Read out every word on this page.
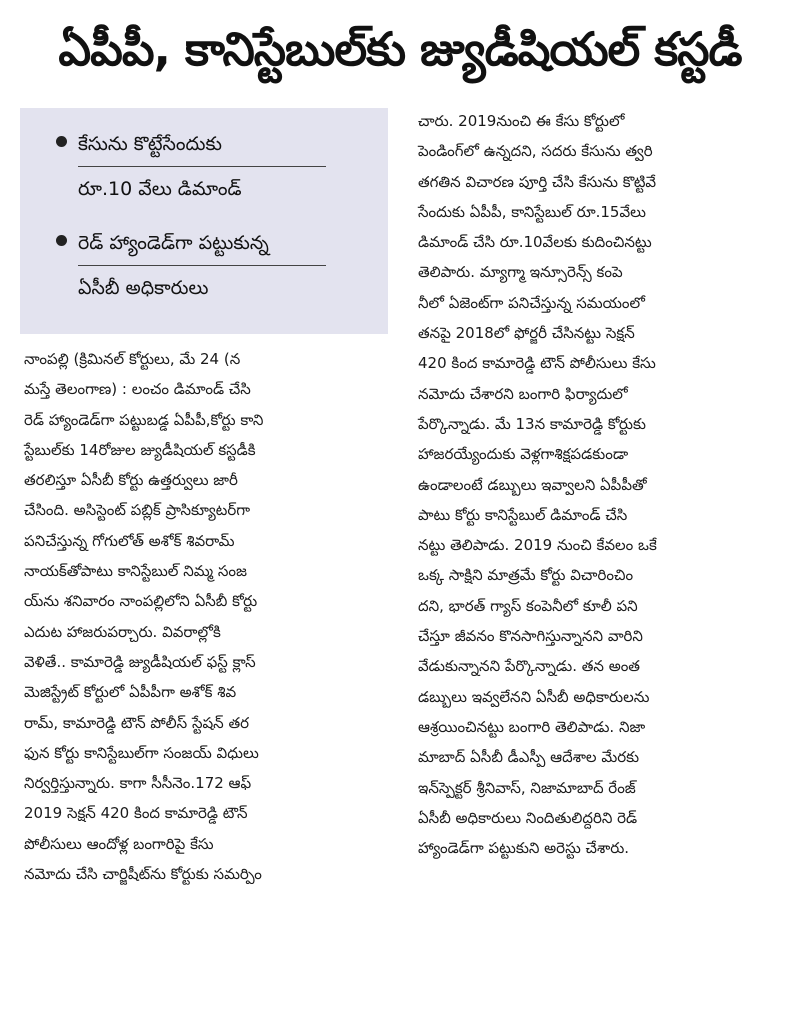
ఏపీపీ, కానిస్టేబుల్‌కు జ్యుడీషియల్ కస్టడీ
కేసును కొట్టేసేందుకు
రూ.10 వేలు డిమాండ్
రెడ్ హ్యాండెడ్‌గా పట్టుకున్న
ఏసీబీ అధికారులు
నాంపల్లి (క్రిమినల్ కోర్టులు, మే 24 (న
మస్తే తెలంగాణ) : లంచం డిమాండ్ చేసి
రెడ్ హ్యాండెడ్‌గా పట్టుబడ్డ ఏపీపీ,కోర్టు కాని
స్టేబుల్‌కు 14రోజుల జ్యుడీషియల్ కస్టడీకి
తరలిస్తూ ఏసీబీ కోర్టు ఉత్తర్వులు జారీ
చేసింది. అసిస్టెంట్ పబ్లిక్ ప్రాసిక్యూటర్‌గా
పనిచేస్తున్న గోగులోత్ అశోక్ శివరామ్
నాయక్‌తోపాటు కానిస్టేబుల్ నిమ్మ సంజ
య్‌ను శనివారం నాంపల్లిలోని ఏసీబీ కోర్టు
ఎదుట హాజరుపర్చారు. వివరాల్లోకి
వెళితే.. కామారెడ్డి జ్యుడీషియల్ ఫస్ట్ క్లాస్
మెజిస్ట్రేట్ కోర్టులో ఏపీపీగా అశోక్ శివ
రామ్, కామారెడ్డి టౌన్ పోలీస్ స్టేషన్ తర
ఫున కోర్టు కానిస్టేబుల్‌గా సంజయ్ విధులు
నిర్వర్తిస్తున్నారు. కాగా సీసీనెం.172 ఆఫ్
2019 సెక్షన్ 420 కింద కామారెడ్డి టౌన్
పోలీసులు ఆందోళ్ల బంగారిపై కేసు
నమోదు చేసి చార్జిషీట్‌ను కోర్టుకు సమర్పిం
చారు. 2019నుంచి ఈ కేసు కోర్టులో
పెండింగ్‌లో ఉన్నదని, సదరు కేసును త్వరి
తగతిన విచారణ పూర్తి చేసి కేసును కొట్టివే
సేందుకు ఏపీపీ, కానిస్టేబుల్ రూ.15వేలు
డిమాండ్ చేసి రూ.10వేలకు కుదించినట్టు
తెలిపారు. మ్యాగ్మా ఇన్సూరెన్స్ కంపె
నీలో ఏజెంట్‌గా పనిచేస్తున్న సమయంలో
తనపై 2018లో ఫోర్జరీ చేసినట్టు సెక్షన్
420 కింద కామారెడ్డి టౌన్ పోలీసులు కేసు
నమోదు చేశారని బంగారి ఫిర్యాదులో
పేర్కొన్నాడు. మే 13న కామారెడ్డి కోర్టుకు
హాజరయ్యేందుకు వెళ్లగాశిక్షపడకుండా
ఉండాలంటే డబ్బులు ఇవ్వాలని ఏపీపీతో
పాటు కోర్టు కానిస్టేబుల్ డిమాండ్ చేసి
నట్టు తెలిపాడు. 2019 నుంచి కేవలం ఒకే
ఒక్క సాక్షిని మాత్రమే కోర్టు విచారించిం
దని, భారత్ గ్యాస్ కంపెనీలో కూలీ పని
చేస్తూ జీవనం కొనసాగిస్తున్నానని వారిని
వేడుకున్నానని పేర్కొన్నాడు. తన అంత
డబ్బులు ఇవ్వలేనని ఏసీబీ అధికారులను
ఆశ్రయించినట్టు బంగారి తెలిపాడు. నిజా
మాబాద్ ఏసీబీ డీఎస్పీ ఆదేశాల మేరకు
ఇన్‌స్పెక్టర్ శ్రీనివాస్, నిజామాబాద్ రేంజ్
ఏసీబీ అధికారులు నిందితులిద్దరిని రెడ్
హ్యాండెడ్‌గా పట్టుకుని అరెస్టు చేశారు.
